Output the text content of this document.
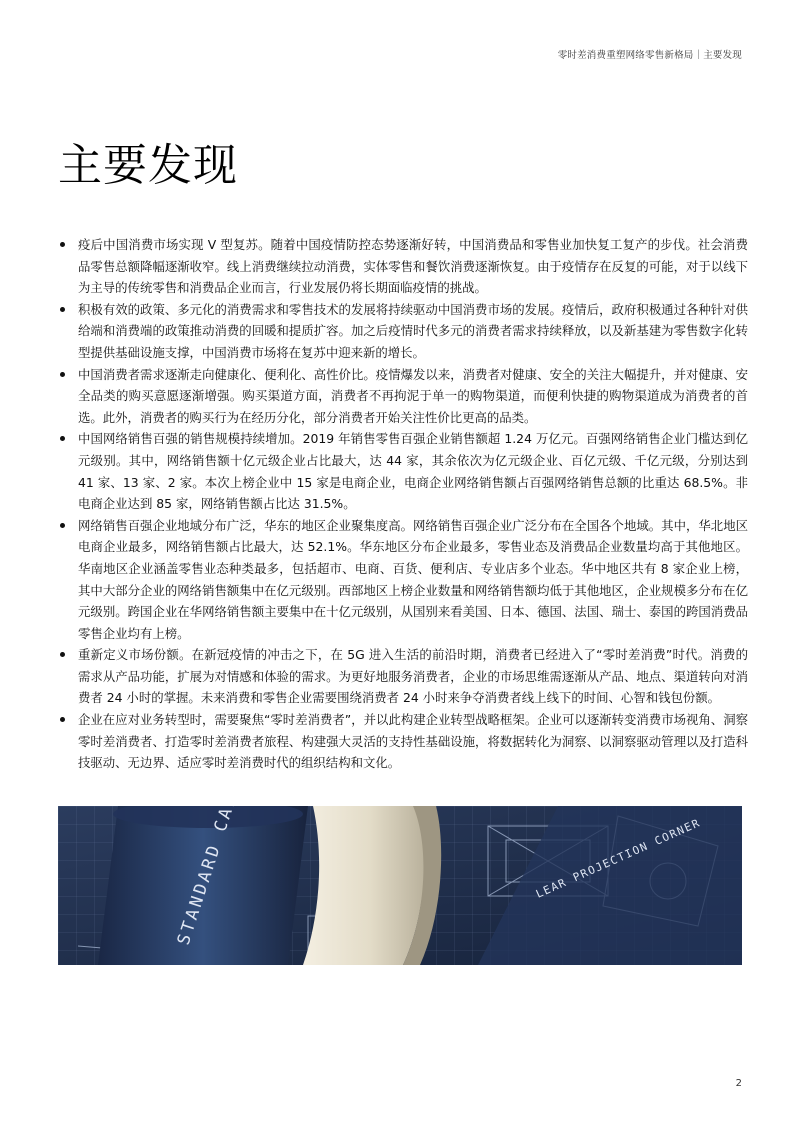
零时差消费重塑网络零售新格局｜主要发现
主要发现
疫后中国消费市场实现 V 型复苏。随着中国疫情防控态势逐渐好转，中国消费品和零售业加快复工复产的步伐。社会消费品零售总额降幅逐渐收窄。线上消费继续拉动消费，实体零售和餐饮消费逐渐恢复。由于疫情存在反复的可能，对于以线下为主导的传统零售和消费品企业而言，行业发展仍将长期面临疫情的挑战。
积极有效的政策、多元化的消费需求和零售技术的发展将持续驱动中国消费市场的发展。疫情后，政府积极通过各种针对供给端和消费端的政策推动消费的回暖和提质扩容。加之后疫情时代多元的消费者需求持续释放，以及新基建为零售数字化转型提供基础设施支撑，中国消费市场将在复苏中迎来新的增长。
中国消费者需求逐渐走向健康化、便利化、高性价比。疫情爆发以来，消费者对健康、安全的关注大幅提升，并对健康、安全品类的购买意愿逐渐增强。购买渠道方面，消费者不再拘泥于单一的购物渠道，而便利快捷的购物渠道成为消费者的首选。此外，消费者的购买行为在经历分化，部分消费者开始关注性价比更高的品类。
中国网络销售百强的销售规模持续增加。2019 年销售零售百强企业销售额超 1.24 万亿元。百强网络销售企业门槛达到亿元级别。其中，网络销售额十亿元级企业占比最大，达 44 家，其余依次为亿元级企业、百亿元级、千亿元级，分别达到 41 家、13 家、2 家。本次上榜企业中 15 家是电商企业，电商企业网络销售额占百强网络销售总额的比重达 68.5%。非电商企业达到 85 家，网络销售额占比达 31.5%。
网络销售百强企业地域分布广泛，华东的地区企业聚集度高。网络销售百强企业广泛分布在全国各个地域。其中，华北地区电商企业最多，网络销售额占比最大，达 52.1%。华东地区分布企业最多，零售业态及消费品企业数量均高于其他地区。华南地区企业涵盖零售业态种类最多，包括超市、电商、百货、便利店、专业店多个业态。华中地区共有 8 家企业上榜，其中大部分企业的网络销售额集中在亿元级别。西部地区上榜企业数量和网络销售额均低于其他地区，企业规模多分布在亿元级别。跨国企业在华网络销售额主要集中在十亿元级别，从国别来看美国、日本、德国、法国、瑞士、泰国的跨国消费品零售企业均有上榜。
重新定义市场份额。在新冠疫情的冲击之下，在 5G 进入生活的前沿时期，消费者已经进入了“零时差消费”时代。消费的需求从产品功能，扩展为对情感和体验的需求。为更好地服务消费者，企业的市场思维需逐渐从产品、地点、渠道转向对消费者 24 小时的掌握。未来消费和零售企业需要围绕消费者 24 小时来争夺消费者线上线下的时间、心智和钱包份额。
企业在应对业务转型时，需要聚焦“零时差消费者”，并以此构建企业转型战略框架。企业可以逐渐转变消费市场视角、洞察零时差消费者、打造零时差消费者旅程、构建强大灵活的支持性基础设施，将数据转化为洞察、以洞察驱动管理以及打造科技驱动、无边界、适应零时差消费时代的组织结构和文化。
LEAR PROJECTION CORNER
2
